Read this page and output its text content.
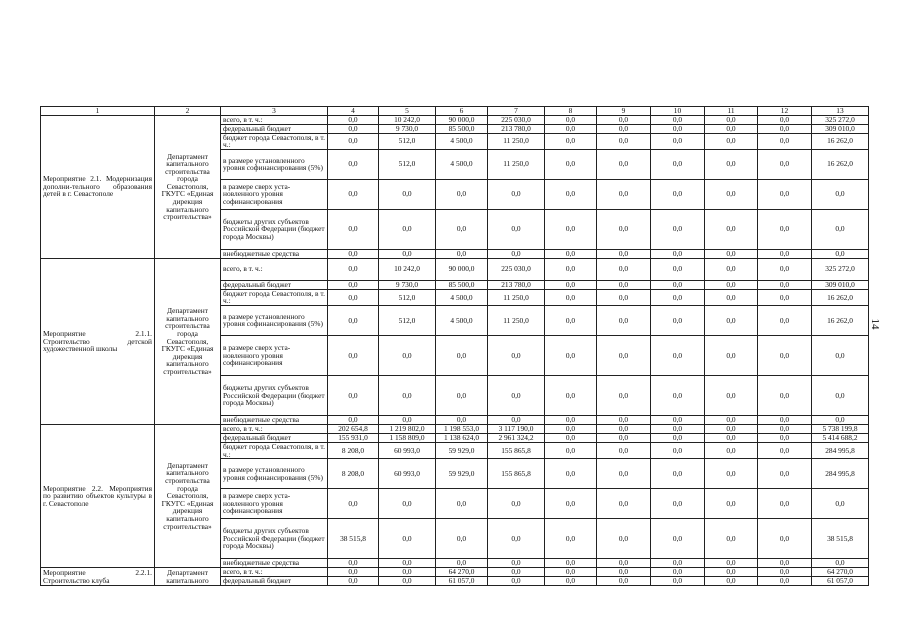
1	2	3	4	5	6	7	8	9	10	11	12	13
Мероприятие 2.1. Модернизация дополни-тельного образования детей в г. Севастополе	Департамент капитального строительства города Севастополя, ГКУГС «Единая дирекция капитального строительства»	всего, в т. ч.:	0,0	10 242,0	90 000,0	225 030,0	0,0	0,0	0,0	0,0	0,0	325 272,0
		федеральный бюджет	0,0	9 730,0	85 500,0	213 780,0	0,0	0,0	0,0	0,0	0,0	309 010,0
		бюджет города Севастополя, в т. ч.:	0,0	512,0	4 500,0	11 250,0	0,0	0,0	0,0	0,0	0,0	16 262,0
		в размере установленного уровня софинансирования (5%)	0,0	512,0	4 500,0	11 250,0	0,0	0,0	0,0	0,0	0,0	16 262,0
		в размере сверх уста-новленного уровня софинансирования	0,0	0,0	0,0	0,0	0,0	0,0	0,0	0,0	0,0	0,0
		бюджеты других субъектов Российской Федерации (бюджет города Москвы)	0,0	0,0	0,0	0,0	0,0	0,0	0,0	0,0	0,0	0,0
		внебюджетные средства	0,0	0,0	0,0	0,0	0,0	0,0	0,0	0,0	0,0	0,0
Мероприятие 2.1.1. Строительство детской художественной школы	Департамент капитального строительства города Севастополя, ГКУГС «Единая дирекция капитального строительства»	всего, в т. ч.:	0,0	10 242,0	90 000,0	225 030,0	0,0	0,0	0,0	0,0	0,0	325 272,0
		федеральный бюджет	0,0	9 730,0	85 500,0	213 780,0	0,0	0,0	0,0	0,0	0,0	309 010,0
		бюджет города Севастополя, в т. ч.:	0,0	512,0	4 500,0	11 250,0	0,0	0,0	0,0	0,0	0,0	16 262,0
		в размере установленного уровня софинансирования (5%)	0,0	512,0	4 500,0	11 250,0	0,0	0,0	0,0	0,0	0,0	16 262,0
		в размере сверх уста-новленного уровня софинансирования	0,0	0,0	0,0	0,0	0,0	0,0	0,0	0,0	0,0	0,0
		бюджеты других субъектов Российской Федерации (бюджет города Москвы)	0,0	0,0	0,0	0,0	0,0	0,0	0,0	0,0	0,0	0,0
		внебюджетные средства	0,0	0,0	0,0	0,0	0,0	0,0	0,0	0,0	0,0	0,0
Мероприятие 2.2. Мероприятия по развитию объектов культуры в г. Севастополе	Департамент капитального строительства города Севастополя, ГКУГС «Единая дирекция капитального строительства»	всего, в т. ч.:	202 654,8	1 219 802,0	1 198 553,0	3 117 190,0	0,0	0,0	0,0	0,0	0,0	5 738 199,8
		федеральный бюджет	155 931,0	1 158 809,0	1 138 624,0	2 961 324,2	0,0	0,0	0,0	0,0	0,0	5 414 688,2
		бюджет города Севастополя, в т. ч.:	8 208,0	60 993,0	59 929,0	155 865,8	0,0	0,0	0,0	0,0	0,0	284 995,8
		в размере установленного уровня софинансирования (5%)	8 208,0	60 993,0	59 929,0	155 865,8	0,0	0,0	0,0	0,0	0,0	284 995,8
		в размере сверх уста-новленного уровня софинансирования	0,0	0,0	0,0	0,0	0,0	0,0	0,0	0,0	0,0	0,0
		бюджеты других субъектов Российской Федерации (бюджет города Москвы)	38 515,8	0,0	0,0	0,0	0,0	0,0	0,0	0,0	0,0	38 515,8
		внебюджетные средства	0,0	0,0	0,0	0,0	0,0	0,0	0,0	0,0	0,0	0,0
Мероприятие 2.2.1. Строительство клуба	Департамент капитального	всего, в т. ч.:	0,0	0,0	64 270,0	0,0	0,0	0,0	0,0	0,0	0,0	64 270,0
		федеральный бюджет	0,0	0,0	61 057,0	0,0	0,0	0,0	0,0	0,0	0,0	61 057,0
14
